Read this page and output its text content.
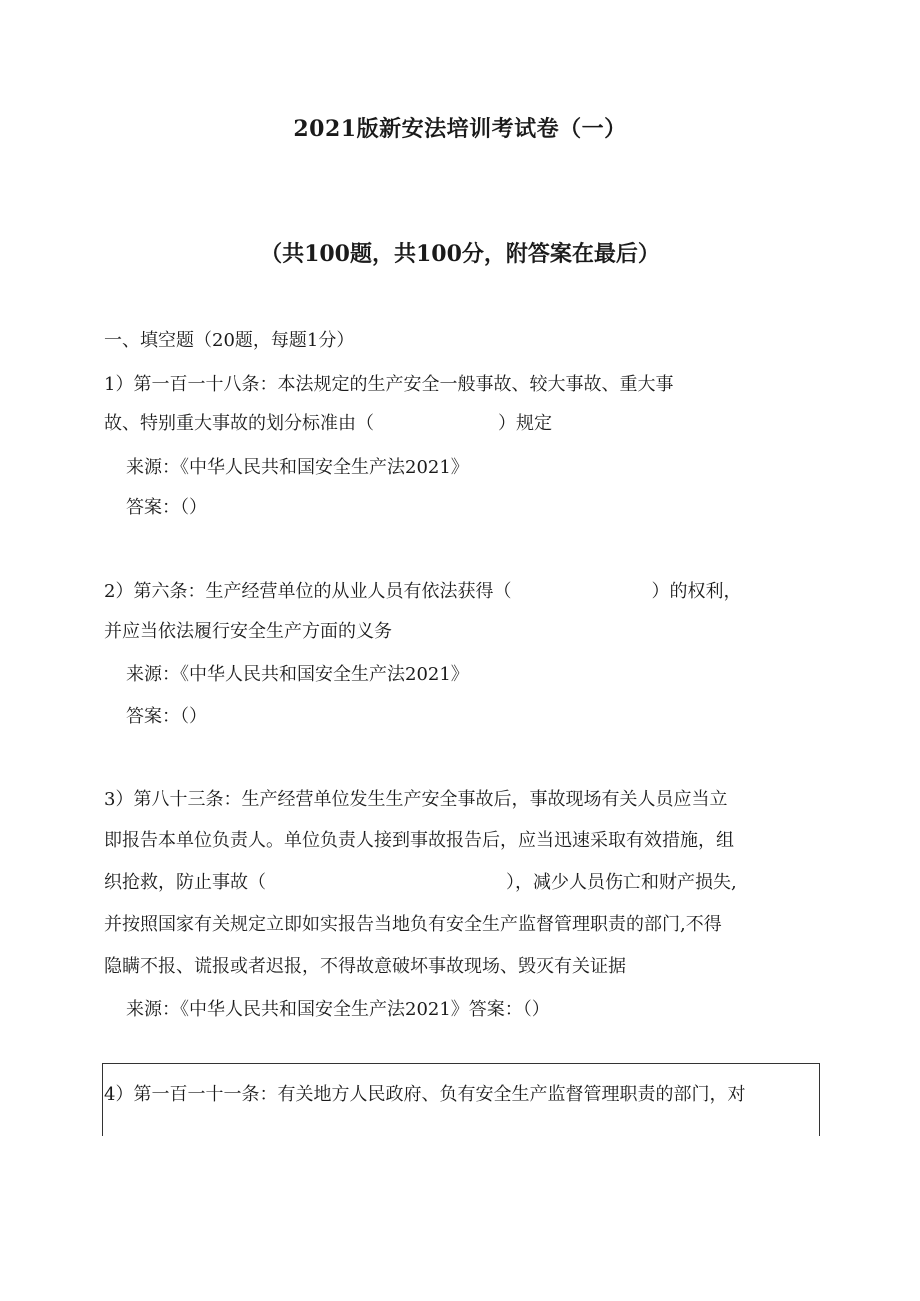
2021版新安法培训考试卷（一）
（共100题，共100分，附答案在最后）
一、填空题（20题，每题1分）
1）第一百一十八条：本法规定的生产安全一般事故、较大事故、重大事
故、特别重大事故的划分标准由（	）规定
来源：《中华人民共和国安全生产法2021》
答案：（）
2）第六条：生产经营单位的从业人员有依法获得（	）的权利，
并应当依法履行安全生产方面的义务
来源：《中华人民共和国安全生产法2021》
答案：（）
3）第八十三条：生产经营单位发生生产安全事故后，事故现场有关人员应当立
即报告本单位负责人。单位负责人接到事故报告后，应当迅速采取有效措施，组
织抢救，防止事故（	），减少人员伤亡和财产损失,
并按照国家有关规定立即如实报告当地负有安全生产监督管理职责的部门,不得
隐瞒不报、谎报或者迟报，不得故意破坏事故现场、毁灭有关证据
来源：《中华人民共和国安全生产法2021》答案：（）
4）第一百一十一条：有关地方人民政府、负有安全生产监督管理职责的部门，对
